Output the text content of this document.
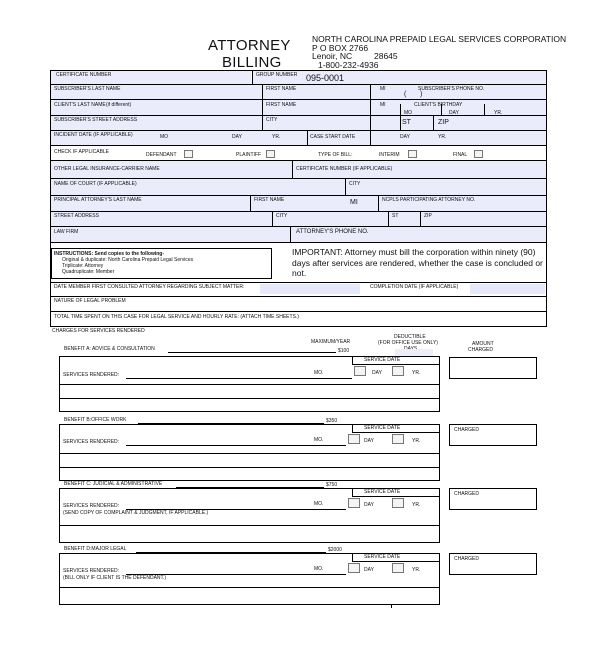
ATTORNEY
BILLING
NORTH CAROLINA PREPAID LEGAL SERVICES CORPORATION
P O BOX 2766
Lenoir, NC	28645
1-800-232-4936
CERTIFICATE NUMBER	GROUP NUMBER 095-0001
SUBSCRIBER'S LAST NAME	FIRST NAME	MI	SUBSCRIBER'S PHONE NO.
( )
CLIENT'S LAST NAME (if different)	FIRST NAME	MI	CLIENT'S BIRTHDAY
MO	DAY	YR.
SUBSCRIBER'S STREET ADDRESS	CITY	ST	ZIP
INCIDENT DATE (IF APPLICABLE)	MO	DAY	YR.	CASE START DATE	DAY	YR.
CHECK IF APPLICABLE	DEFENDANT	PLAINTIFF	TYPE OF BILL:	INTERIM	FINAL
OTHER LEGAL INSURANCE-CARRIER NAME	CERTIFICATE NUMBER (IF APPLICABLE)
NAME OF COURT (IF APPLICABLE)	CITY
PRINCIPAL ATTORNEY'S LAST NAME	FIRST NAME	MI	NCPLS PARTICIPATING ATTORNEY NO.
STREET ADDRESS	CITY	ST	ZIP
LAW FIRM	ATTORNEY'S PHONE NO.
INSTRUCTIONS: Send copies to the following-
Original & duplicate: North Carolina Prepaid Legal Services
Triplicate: Attorney
Quadruplicate: Member
IMPORTANT: Attorney must bill the corporation within ninety (90) days after services are rendered, whether the case is concluded or not.
DATE MEMBER FIRST CONSULTED ATTORNEY REGARDING SUBJECT MATTER:	COMPLETION DATE (IF APPLICABLE)
NATURE OF LEGAL PROBLEM
TOTAL TIME SPENT ON THIS CASE FOR LEGAL SERVICE AND HOURLY RATE: (ATTACH TIME SHEETS.)
CHARGES FOR SERVICES RENDERED
MAXIMUM/YEAR
DEDUCTIBLE
(FOR OFFICE USE ONLY)	AMOUNT
CHARGED
BENEFIT A: ADVICE & CONSULTATION	$100
SERVICE DATE
SERVICES RENDERED:	MO.	DAY	YR.
BENEFIT B:OFFICE WORK	$350
SERVICE DATE
SERVICES RENDERED:	MO.	DAY	YR.
CHARGED
BENEFIT C: JUDICIAL & ADMINISTRATIVE	$750
SERVICE DATE
SERVICES RENDERED:
(SEND COPY OF COMPLAINT & JUDGMENT, IF APPLICABLE.)
MO.	DAY	YR.
CHARGED
BENEFIT D:MAJOR LEGAL	$2000
SERVICE DATE
SERVICES RENDERED:
(BILL ONLY IF CLIENT IS THE DEFENDANT.)
MO.	DAY	YR.
CHARGED
